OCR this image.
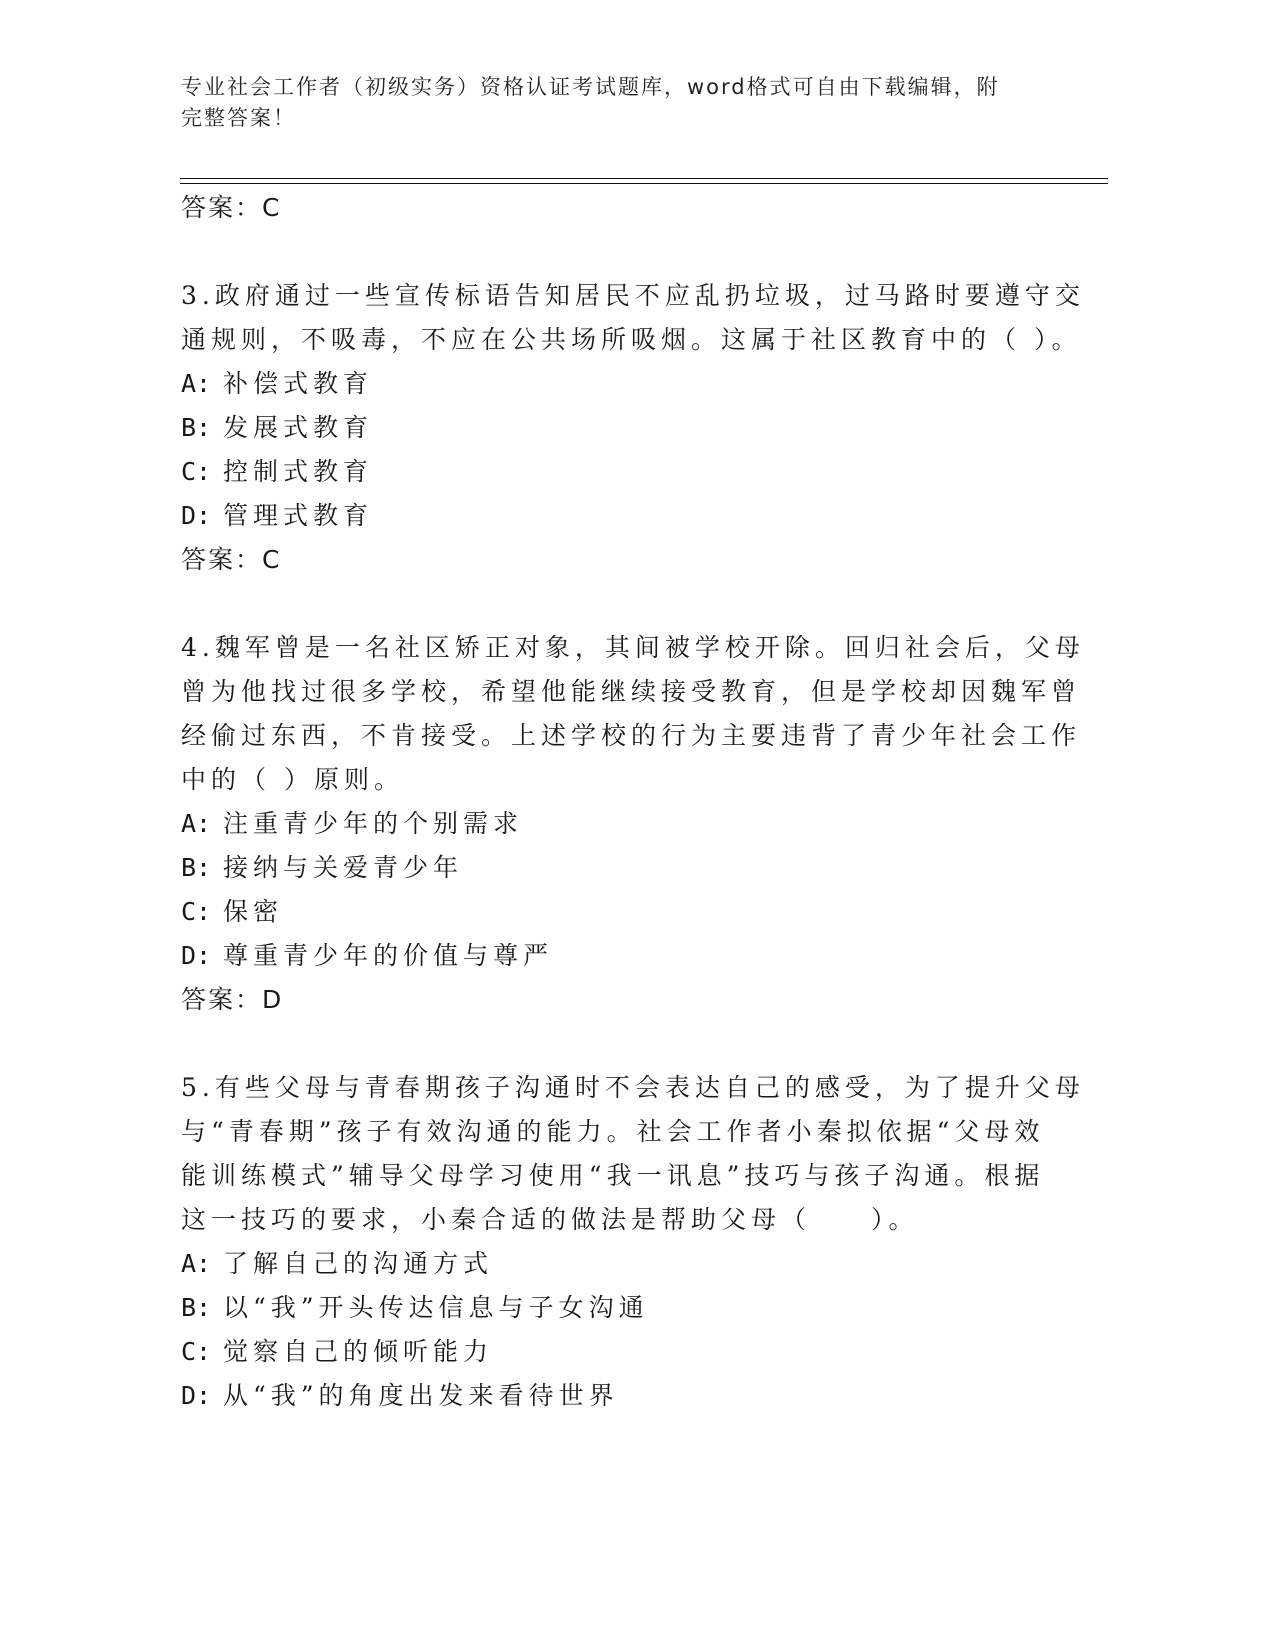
专业社会工作者（初级实务）资格认证考试题库，word格式可自由下载编辑，附
完整答案！
答案：C
3.政府通过一些宣传标语告知居民不应乱扔垃圾，过马路时要遵守交
通规则，不吸毒，不应在公共场所吸烟。这属于社区教育中的（ ）。
A: 补偿式教育
B: 发展式教育
C: 控制式教育
D: 管理式教育
答案：C
4.魏军曾是一名社区矫正对象，其间被学校开除。回归社会后，父母
曾为他找过很多学校，希望他能继续接受教育，但是学校却因魏军曾
经偷过东西，不肯接受。上述学校的行为主要违背了青少年社会工作
中的（ ）原则。
A: 注重青少年的个别需求
B: 接纳与关爱青少年
C: 保密
D: 尊重青少年的价值与尊严
答案：D
5.有些父母与青春期孩子沟通时不会表达自己的感受，为了提升父母
与“青春期”孩子有效沟通的能力。社会工作者小秦拟依据“父母效
能训练模式”辅导父母学习使用“我一讯息”技巧与孩子沟通。根据
这一技巧的要求，小秦合适的做法是帮助父母（　　）。
A: 了解自己的沟通方式
B: 以“我”开头传达信息与子女沟通
C: 觉察自己的倾听能力
D: 从“我”的角度出发来看待世界
